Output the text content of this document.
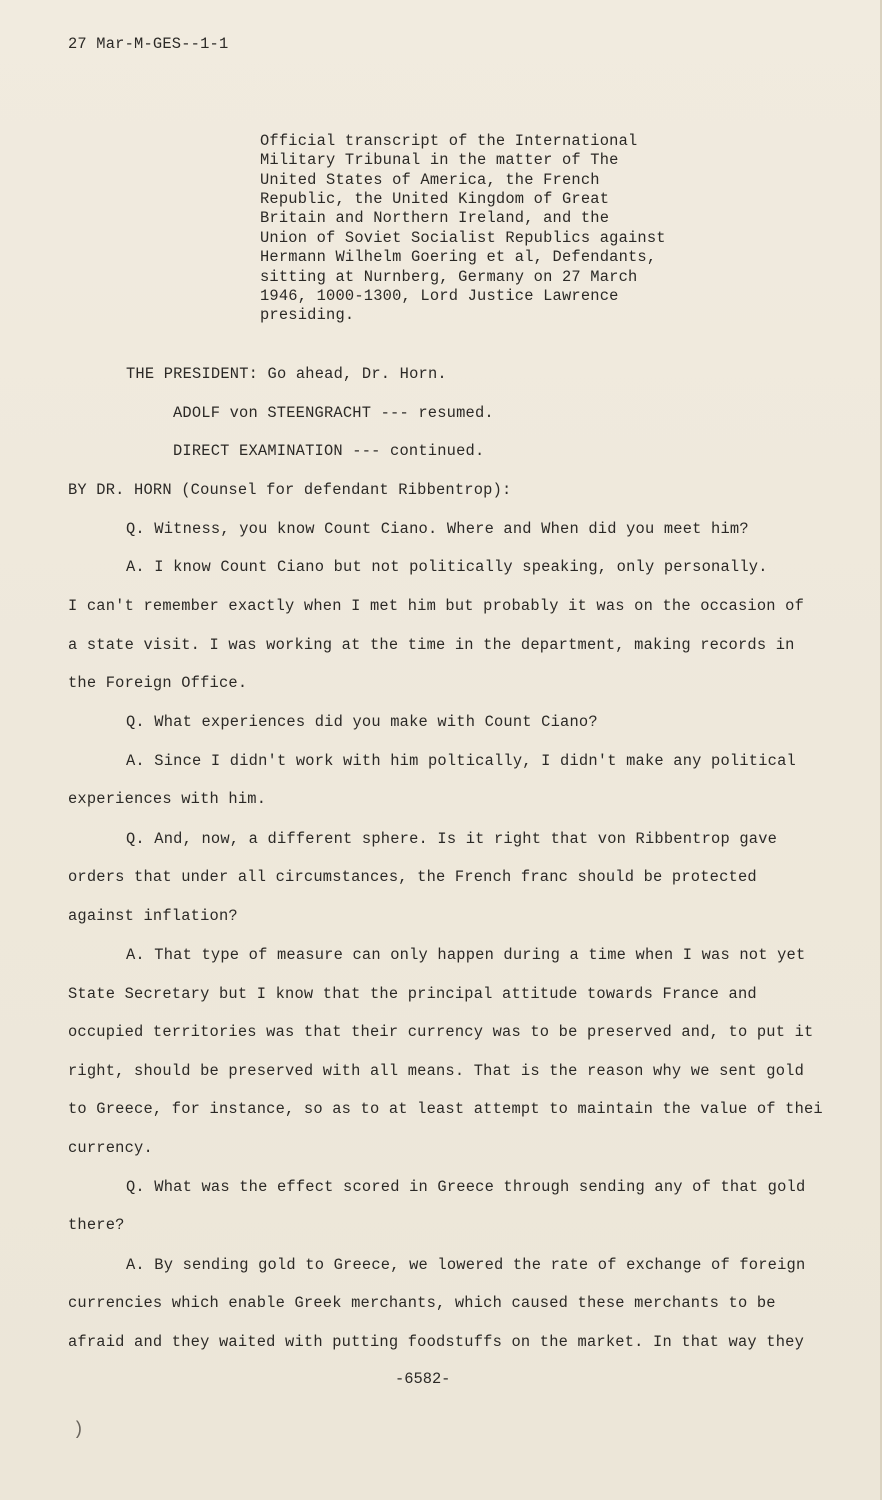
27 Mar-M-GES--1-1
Official transcript of the International
Military Tribunal in the matter of The
United States of America, the French
Republic, the United Kingdom of Great
Britain and Northern Ireland, and the
Union of Soviet Socialist Republics against
Hermann Wilhelm Goering et al, Defendants,
sitting at Nurnberg, Germany on 27 March
1946, 1000-1300, Lord Justice Lawrence
presiding.
THE PRESIDENT: Go ahead, Dr. Horn.
ADOLF von STEENGRACHT --- resumed.
DIRECT EXAMINATION --- continued.
BY DR. HORN (Counsel for defendant Ribbentrop):
Q. Witness, you know Count Ciano. Where and When did you meet him?
A. I know Count Ciano but not politically speaking, only personally.
I can't remember exactly when I met him but probably it was on the occasion of
a state visit. I was working at the time in the department, making records in
the Foreign Office.
Q. What experiences did you make with Count Ciano?
A. Since I didn't work with him poltically, I didn't make any political
experiences with him.
Q. And, now, a different sphere. Is it right that von Ribbentrop gave
orders that under all circumstances, the French franc should be protected
against inflation?
A. That type of measure can only happen during a time when I was not yet
State Secretary but I know that the principal attitude towards France and
occupied territories was that their currency was to be preserved and, to put it
right, should be preserved with all means. That is the reason why we sent gold
to Greece, for instance, so as to at least attempt to maintain the value of thei
currency.
Q. What was the effect scored in Greece through sending any of that gold
there?
A. By sending gold to Greece, we lowered the rate of exchange of foreign
currencies which enable Greek merchants, which caused these merchants to be
afraid and they waited with putting foodstuffs on the market. In that way they
-6582-
)
